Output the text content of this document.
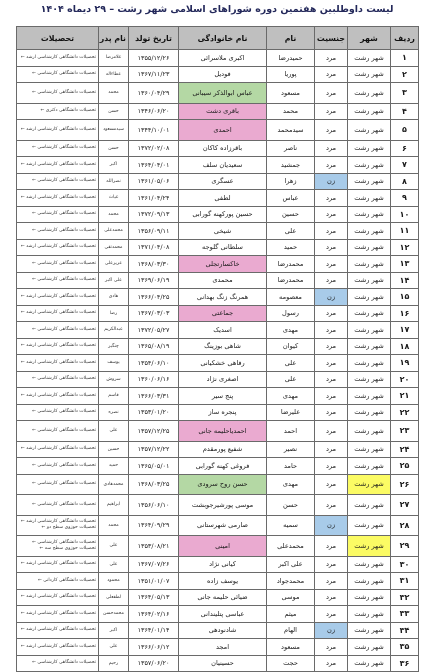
لیست داوطلبین هفتمین دوره شوراهای اسلامی شهر رشت – ۲۹ دیماه ۱۴۰۴
ردیف	شهر	جنسیت	نام	نام خانوادگی	تاریخ تولد	نام پدر	تحصیلات
۱	شهر رشت	مرد	حمیدرضا	اکبری ملاسرائی	۱۳۵۵/۱۲/۲۶	غلامرضا	تحصیلات دانشگاهی کارشناسی ارشد ←

۲	شهر رشت	مرد	پوریا	فودیل	۱۳۶۷/۱۱/۲۳	عطاءاله	تحصیلات دانشگاهی کارشناسی ←

۳	شهر رشت	مرد	مسعود	عباس ابوالذکر سیبانی	۱۳۶۰/۰۴/۲۹	محمد	تحصیلات دانشگاهی کارشناسی ←

۴	شهر رشت	مرد	محمد	باقری دشت	۱۳۴۶/۰۶/۲۰	حسن	تحصیلات دانشگاهی دکتری ←

۵	شهر رشت	مرد	سیدمحمد	احمدی	۱۳۴۴/۱۰/۰۱	سیدمسعود	تحصیلات دانشگاهی کارشناسی ارشد ←

۶	شهر رشت	مرد	ناصر	باقرزاده کاکان	۱۳۷۲/۰۲/۰۸	حسن	تحصیلات دانشگاهی کارشناسی ←

۷	شهر رشت	مرد	جمشید	سعیدیان سلف	۱۳۶۴/۰۴/۰۱	اکبر	تحصیلات دانشگاهی کارشناسی ارشد ←

۸	شهر رشت	زن	زهرا	عسگری	۱۳۶۱/۰۵/۰۶	نصرالله	تحصیلات دانشگاهی کارشناسی ←

۹	شهر رشت	مرد	عباس	لطفی	۱۳۶۱/۰۴/۲۴	غیاث	تحصیلات دانشگاهی کارشناسی ارشد ←

۱۰	شهر رشت	مرد	حسین	حسین پورکهنه گورابی	۱۳۷۲/۰۹/۱۳	محمد	تحصیلات دانشگاهی کارشناسی ←

۱۱	شهر رشت	مرد	علی	شیخی	۱۳۵۶/۰۹/۱۱	محمدعلی	تحصیلات دانشگاهی کارشناسی ←

۱۲	شهر رشت	مرد	حمید	سلطانی گلوجه	۱۳۷۱/۰۴/۰۸	محمدتقی	تحصیلات دانشگاهی کارشناسی ارشد ←

۱۳	شهر رشت	مرد	محمدرضا	خاکسارتجلی	۱۳۶۸/۰۳/۳۰	عزیزعلی	تحصیلات دانشگاهی کارشناسی ←

۱۴	شهر رشت	مرد	محمدرضا	محمدی	۱۳۶۹/۰۶/۱۹	علی اکبر	تحصیلات دانشگاهی کارشناسی ←

۱۵	شهر رشت	زن	معصومه	همرنگ زنگ بهدانی	۱۳۶۶/۰۴/۲۵	هادی	تحصیلات دانشگاهی کارشناسی ارشد ←

۱۶	شهر رشت	مرد	رسول	جماعتی	۱۳۶۷/۰۳/۰۳	رضا	تحصیلات دانشگاهی کارشناسی ارشد ←

۱۷	شهر رشت	مرد	مهدی	اسدیک	۱۳۷۲/۰۵/۲۷	عبدالکریم	تحصیلات دانشگاهی کارشناسی ←

۱۸	شهر رشت	مرد	کیوان	شاهی بوزینگ	۱۳۶۵/۰۸/۱۹	چنگیز	تحصیلات دانشگاهی کارشناسی ارشد ←

۱۹	شهر رشت	مرد	علی	رفاهی خشکیانی	۱۳۵۴/۰۶/۱۰	یوسف	تحصیلات دانشگاهی کارشناسی ارشد ←

۲۰	شهر رشت	مرد	علی	اصغری نژاد	۱۳۶۰/۰۶/۱۶	سروش	تحصیلات دانشگاهی کارشناسی ←

۲۱	شهر رشت	مرد	مهدی	پنج سیر	۱۳۶۶/۰۳/۳۱	قاسم	تحصیلات دانشگاهی کارشناسی ارشد ←

۲۲	شهر رشت	مرد	علیرضا	پنجره ساز	۱۳۵۳/۰۱/۲۰	نصره	تحصیلات دانشگاهی کارشناسی ←

۲۳	شهر رشت	مرد	احمد	احمدیاحلیمه جانی	۱۳۵۷/۱۲/۲۵	علی	تحصیلات دانشگاهی کارشناسی ←

۲۴	شهر رشت	مرد	نصیر	شفیع پورمقدم	۱۳۵۷/۱۲/۲۲	حسین	تحصیلات دانشگاهی کارشناسی ارشد ←

۲۵	شهر رشت	مرد	حامد	فروغی کهنه گورابی	۱۳۶۵/۰۵/۰۱	حمید	تحصیلات دانشگاهی کارشناسی ←

۲۶	شهر رشت	مرد	مهدی	حسن روح سرودی	۱۳۶۸/۰۳/۲۵	محمدهادی	تحصیلات دانشگاهی کارشناسی ←

۲۷	شهر رشت	مرد	حسن	موسی پورشیرجوبشت	۱۳۵۶/۰۶/۱۰	ابراهیم	تحصیلات دانشگاهی کارشناسی ←

۲۸	شهر رشت	زن	سمیه	صارمی شهرستانی	۱۳۶۴/۰۹/۲۹	محمد	تحصیلات دانشگاهی کارشناسی ارشد ←
تحصیلات حوزوی سطح دو ←

۲۹	شهر رشت	مرد	محمدعلی	امینی	۱۳۵۳/۰۸/۲۱	علی	تحصیلات دانشگاهی کارشناسی ←
تحصیلات حوزوی سطح سه ←

۳۰	شهر رشت	مرد	علی اکبر	کیانی نژاد	۱۳۶۷/۰۷/۲۶	علی	تحصیلات دانشگاهی کارشناسی ارشد ←

۳۱	شهر رشت	مرد	محمدجواد	یوسف زاده	۱۳۵۱/۰۱/۰۷	محمود	تحصیلات دانشگاهی کاردانی ←

۳۲	شهر رشت	مرد	موسی	ضیائی حلیمه جانی	۱۳۶۴/۰۵/۱۳	لطفعلی	تحصیلات دانشگاهی کارشناسی ارشد ←

۳۳	شهر رشت	مرد	میثم	عباسی پتلیندانی	۱۳۶۴/۰۲/۱۶	محمدحسن	تحصیلات دانشگاهی کارشناسی ارشد ←

۳۴	شهر رشت	زن	الهام	شادنودهی	۱۳۶۴/۰۱/۱۴	اکبر	تحصیلات دانشگاهی کارشناسی ارشد ←

۳۵	شهر رشت	مرد	مسعود	امجد	۱۳۶۶/۰۶/۱۲	علی	تحصیلات دانشگاهی کارشناسی ارشد ←

۳۶	شهر رشت	مرد	حجت	حسینیان	۱۳۵۷/۰۶/۲۰	رحیم	تحصیلات دانشگاهی کارشناسی ←
